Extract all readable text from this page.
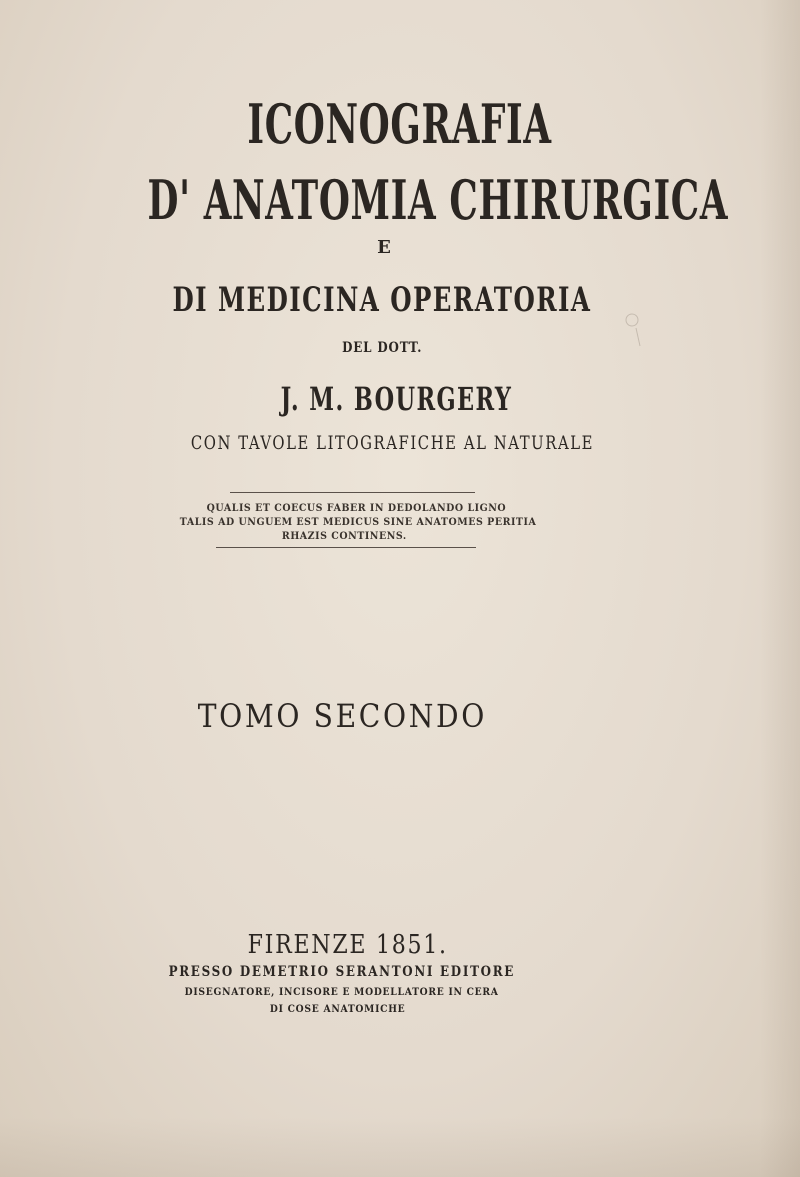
ICONOGRAFIA
D' ANATOMIA CHIRURGICA
E
DI MEDICINA OPERATORIA
DEL DOTT.
J. M. BOURGERY
CON TAVOLE LITOGRAFICHE AL NATURALE
QUALIS ET COECUS FABER IN DEDOLANDO LIGNO
TALIS AD UNGUEM EST MEDICUS SINE ANATOMES PERITIA
RHAZIS CONTINENS.
TOMO SECONDO
FIRENZE 1851.
PRESSO DEMETRIO SERANTONI EDITORE
DISEGNATORE, INCISORE E MODELLATORE IN CERA
DI COSE ANATOMICHE
